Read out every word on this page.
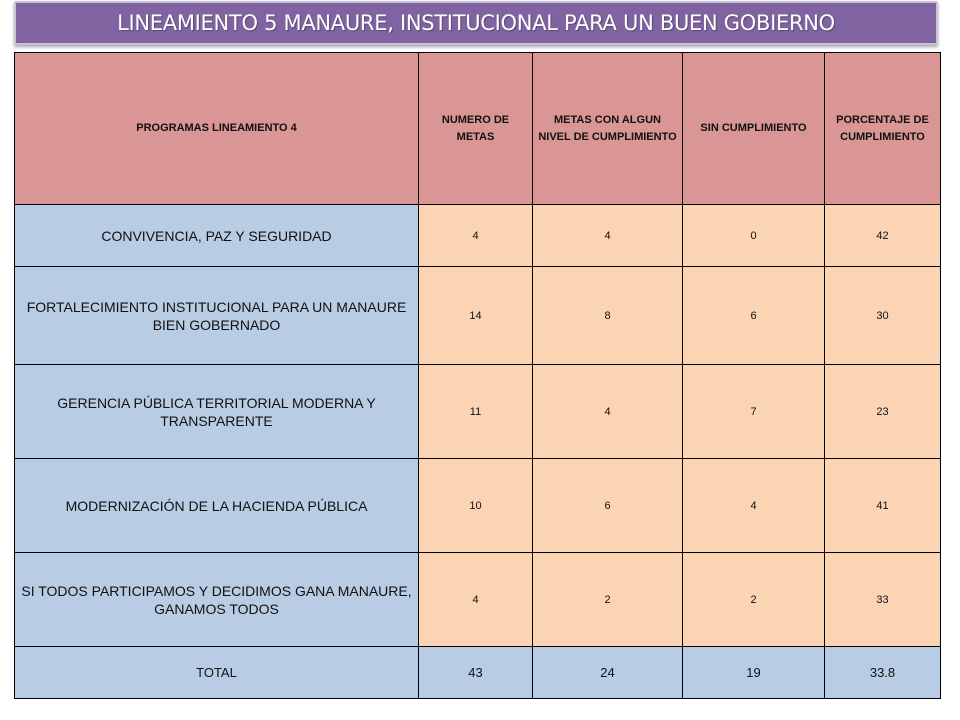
LINEAMIENTO 5 MANAURE, INSTITUCIONAL PARA UN BUEN GOBIERNO
PROGRAMAS LINEAMIENTO 4	NUMERO DE METAS	METAS CON ALGUN NIVEL DE CUMPLIMIENTO	SIN CUMPLIMIENTO	PORCENTAJE DE CUMPLIMIENTO
CONVIVENCIA, PAZ Y SEGURIDAD	4	4	0	42
FORTALECIMIENTO INSTITUCIONAL PARA UN MANAURE BIEN GOBERNADO	14	8	6	30
GERENCIA PÚBLICA TERRITORIAL MODERNA Y TRANSPARENTE	11	4	7	23
MODERNIZACIÓN DE LA HACIENDA PÚBLICA	10	6	4	41
SI TODOS PARTICIPAMOS Y DECIDIMOS GANA MANAURE, GANAMOS TODOS	4	2	2	33
TOTAL	43	24	19	33.8
